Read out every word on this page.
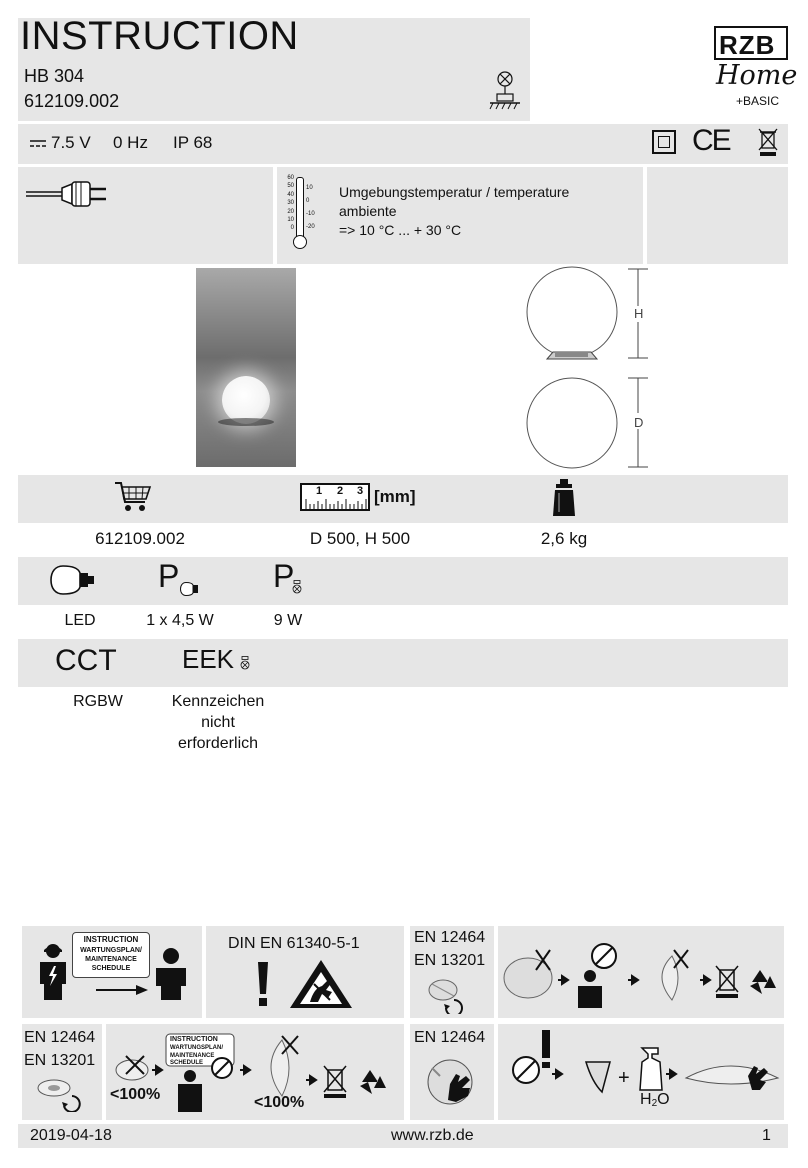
INSTRUCTION
HB 304
612109.002
RZB
Home
+BASIC
7.5 V 0 Hz IP 68	CE
60
50
40
30
20
10
0
10
0
-10
-20
Umgebungstemperatur / temperature
ambiente
=> 10 °C ... + 30 °C
H
D
1 2 3 [mm]
612109.002	D 500, H 500	2,6 kg
P	P
LED	1 x 4,5 W	9 W
CCT	EEK
RGBW	Kennzeichen
nicht
erforderlich
INSTRUCTION
WARTUNGSPLAN/
MAINTENANCE
SCHEDULE
DIN EN 61340-5-1	EN 12464
EN 13201
EN 12464
EN 13201
INSTRUCTION
WARTUNGSPLAN/
MAINTENANCE
SCHEDULE
<100%	<100%
EN 12464
+
H2O
2019-04-18	www.rzb.de	1
